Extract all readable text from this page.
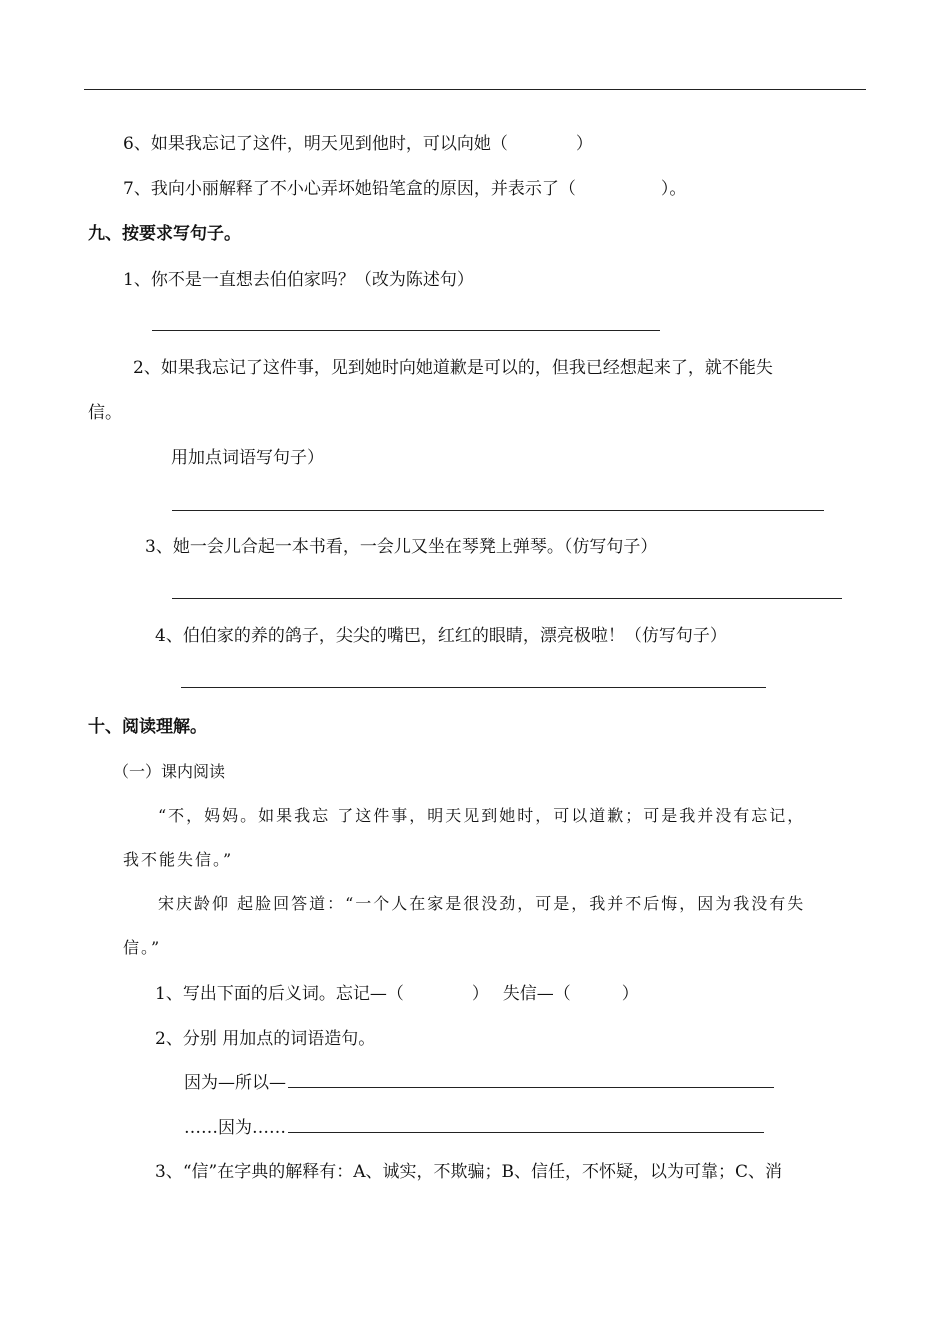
6、如果我忘记了这件，明天见到他时，可以向她（　　　　）
7、我向小丽解释了不小心弄坏她铅笔盒的原因，并表示了（　　　　　）。
九、按要求写句子。
1、你不是一直想去伯伯家吗？（改为陈述句）
2、如果我忘记了这件事，见到她时向她道歉是可以的，但我已经想起来了，就不能失
信。
用加点词语写句子）
3、她一会儿合起一本书看，一会儿又坐在琴凳上弹琴。（仿写句子）
4、伯伯家的养的鸽子，尖尖的嘴巴，红红的眼睛，漂亮极啦！（仿写句子）
十、阅读理解。
（一）课内阅读
“不，妈妈。如果我忘 了这件事，明天见到她时，可以道歉；可是我并没有忘记，
我不能失信。”
宋庆龄仰 起脸回答道：“一个人在家是很没劲，可是，我并不后悔，因为我没有失
信。”
1、写出下面的后义词。忘记—（　　　　）　 失信—（　　　）
2、分别 用加点的词语造句。
因为—所以—
……因为……
3、“信”在字典的解释有：A、诚实，不欺骗；B、信任，不怀疑，以为可靠；C、消
